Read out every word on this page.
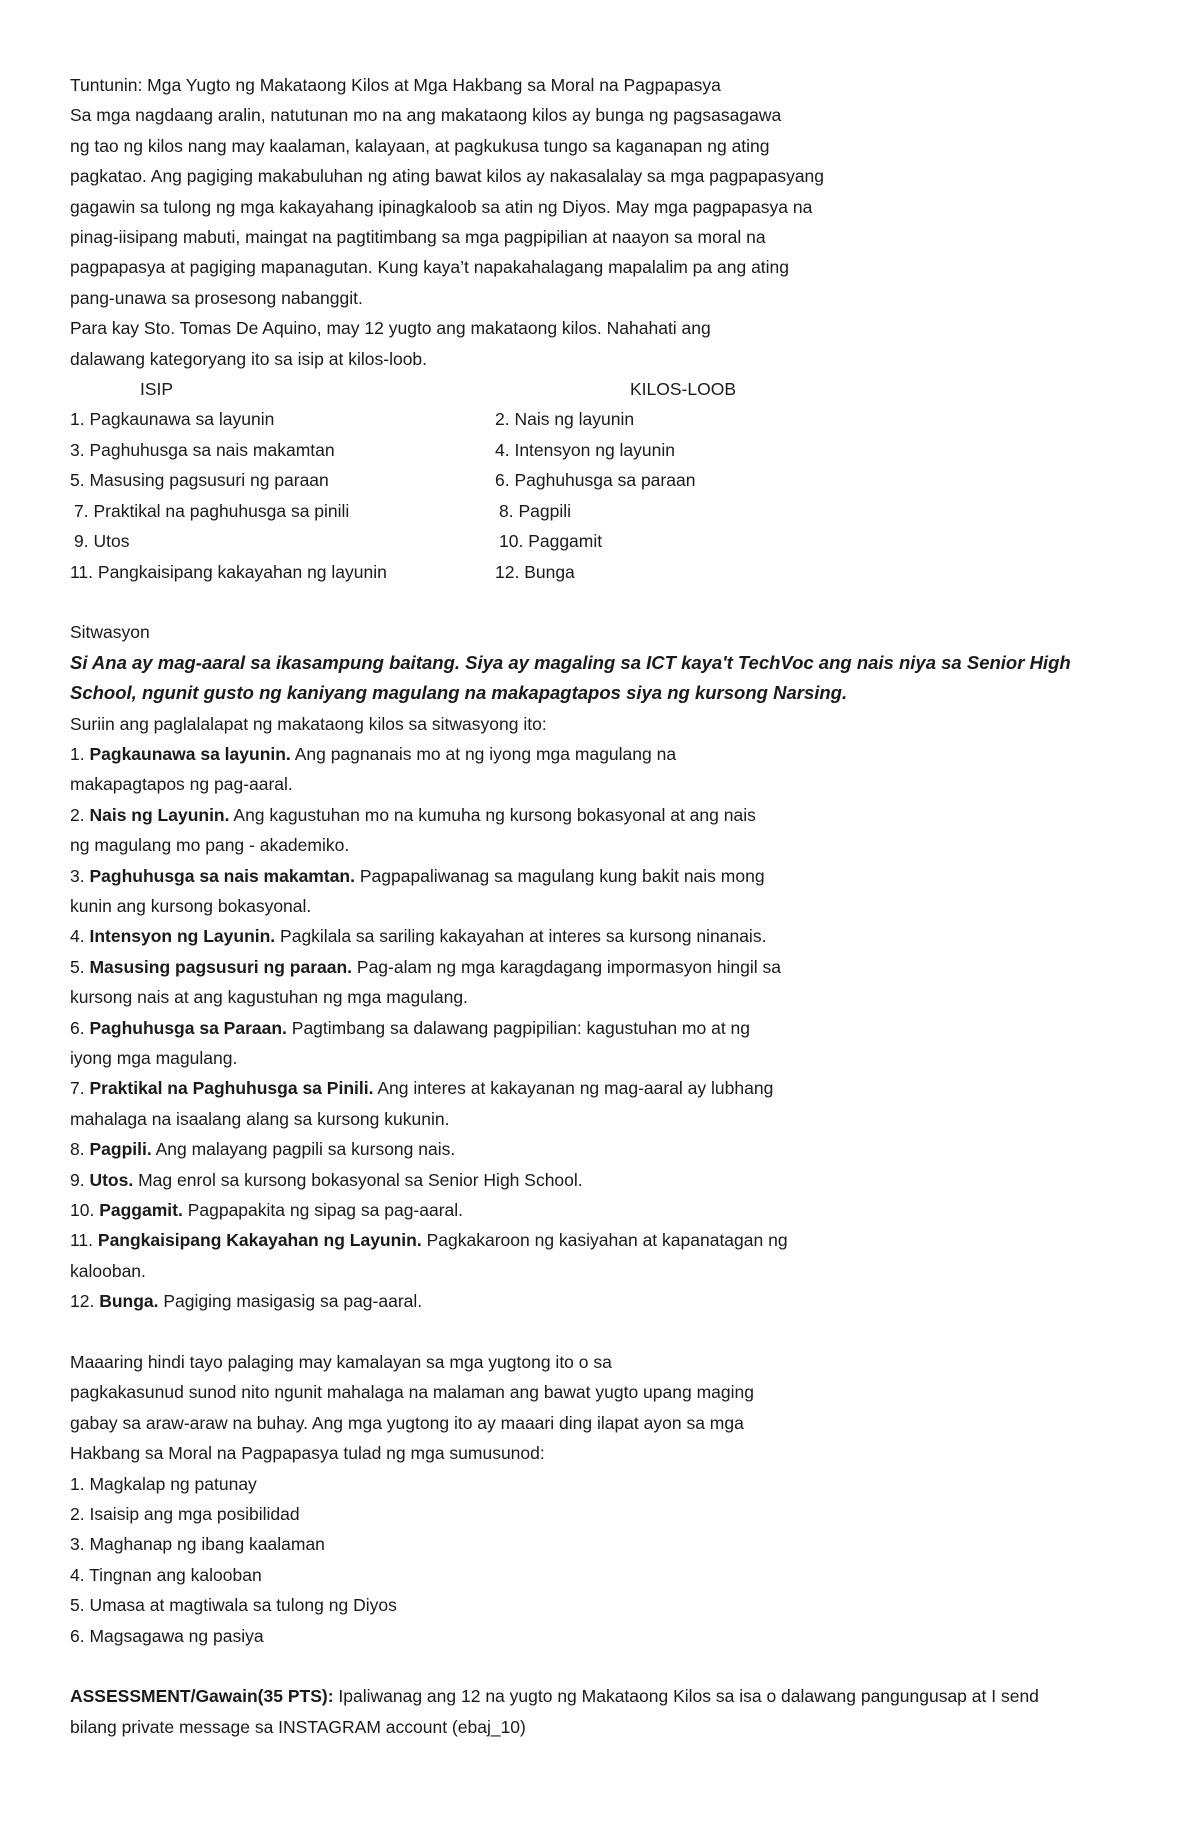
Tuntunin: Mga Yugto ng Makataong Kilos at Mga Hakbang sa Moral na Pagpapasya
Sa mga nagdaang aralin, natutunan mo na ang makataong kilos ay bunga ng pagsasagawa
ng tao ng kilos nang may kaalaman, kalayaan, at pagkukusa tungo sa kaganapan ng ating
pagkatao. Ang pagiging makabuluhan ng ating bawat kilos ay nakasalalay sa mga pagpapasyang
gagawin sa tulong ng mga kakayahang ipinagkaloob sa atin ng Diyos. May mga pagpapasya na
pinag-iisipang mabuti, maingat na pagtitimbang sa mga pagpipilian at naayon sa moral na
pagpapasya at pagiging mapanagutan. Kung kaya’t napakahalagang mapalalim pa ang ating
pang-unawa sa prosesong nabanggit.
Para kay Sto. Tomas De Aquino, may 12 yugto ang makataong kilos. Nahahati ang
dalawang kategoryang ito sa isip at kilos-loob.
ISIP	KILOS-LOOB
1. Pagkaunawa sa layunin	2. Nais ng layunin
3. Paghuhusga sa nais makamtan	4. Intensyon ng layunin
5. Masusing pagsusuri ng paraan	6. Paghuhusga sa paraan
7. Praktikal na paghuhusga sa pinili	8. Pagpili
9. Utos	10. Paggamit
11. Pangkaisipang kakayahan ng layunin	12. Bunga
Sitwasyon
Si Ana ay mag-aaral sa ikasampung baitang. Siya ay magaling sa ICT kaya't TechVoc ang nais niya sa Senior High
School, ngunit gusto ng kaniyang magulang na makapagtapos siya ng kursong Narsing.
Suriin ang paglalalapat ng makataong kilos sa sitwasyong ito:
1. Pagkaunawa sa layunin. Ang pagnanais mo at ng iyong mga magulang na
makapagtapos ng pag-aaral.
2. Nais ng Layunin. Ang kagustuhan mo na kumuha ng kursong bokasyonal at ang nais
ng magulang mo pang - akademiko.
3. Paghuhusga sa nais makamtan. Pagpapaliwanag sa magulang kung bakit nais mong
kunin ang kursong bokasyonal.
4. Intensyon ng Layunin. Pagkilala sa sariling kakayahan at interes sa kursong ninanais.
5. Masusing pagsusuri ng paraan. Pag-alam ng mga karagdagang impormasyon hingil sa
kursong nais at ang kagustuhan ng mga magulang.
6. Paghuhusga sa Paraan. Pagtimbang sa dalawang pagpipilian: kagustuhan mo at ng
iyong mga magulang.
7. Praktikal na Paghuhusga sa Pinili. Ang interes at kakayanan ng mag-aaral ay lubhang
mahalaga na isaalang alang sa kursong kukunin.
8. Pagpili. Ang malayang pagpili sa kursong nais.
9. Utos. Mag enrol sa kursong bokasyonal sa Senior High School.
10. Paggamit. Pagpapakita ng sipag sa pag-aaral.
11. Pangkaisipang Kakayahan ng Layunin. Pagkakaroon ng kasiyahan at kapanatagan ng
kalooban.
12. Bunga. Pagiging masigasig sa pag-aaral.
Maaaring hindi tayo palaging may kamalayan sa mga yugtong ito o sa
pagkakasunud sunod nito ngunit mahalaga na malaman ang bawat yugto upang maging
gabay sa araw-araw na buhay. Ang mga yugtong ito ay maaari ding ilapat ayon sa mga
Hakbang sa Moral na Pagpapasya tulad ng mga sumusunod:
1. Magkalap ng patunay
2. Isaisip ang mga posibilidad
3. Maghanap ng ibang kaalaman
4. Tingnan ang kalooban
5. Umasa at magtiwala sa tulong ng Diyos
6. Magsagawa ng pasiya
ASSESSMENT/Gawain(35 PTS): Ipaliwanag ang 12 na yugto ng Makataong Kilos sa isa o dalawang pangungusap at I send
bilang private message sa INSTAGRAM account (ebaj_10)
